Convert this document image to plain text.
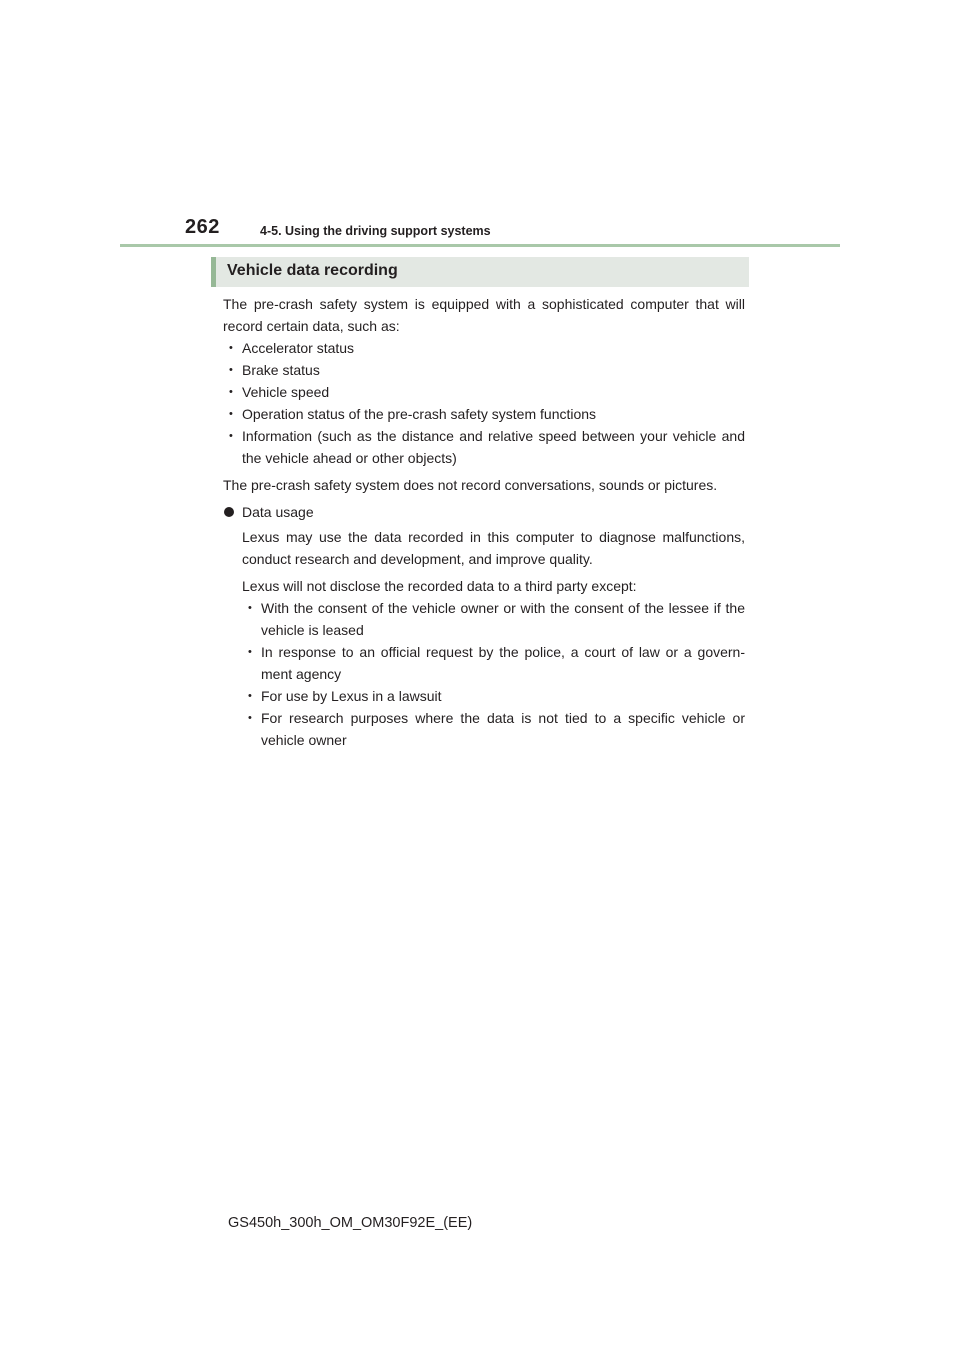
262	4-5. Using the driving support systems
Vehicle data recording

The pre-crash safety system is equipped with a sophisticated computer that will record certain data, such as:

• Accelerator status
• Brake status
• Vehicle speed
• Operation status of the pre-crash safety system functions
• Information (such as the distance and relative speed between your vehicle and the vehicle ahead or other objects)

The pre-crash safety system does not record conversations, sounds or pictures.

Data usage

Lexus may use the data recorded in this computer to diagnose malfunctions, conduct research and development, and improve quality.

Lexus will not disclose the recorded data to a third party except:

• With the consent of the vehicle owner or with the consent of the lessee if the vehicle is leased
• In response to an official request by the police, a court of law or a govern-ment agency
• For use by Lexus in a lawsuit
• For research purposes where the data is not tied to a specific vehicle or vehicle owner
GS450h_300h_OM_OM30F92E_(EE)
